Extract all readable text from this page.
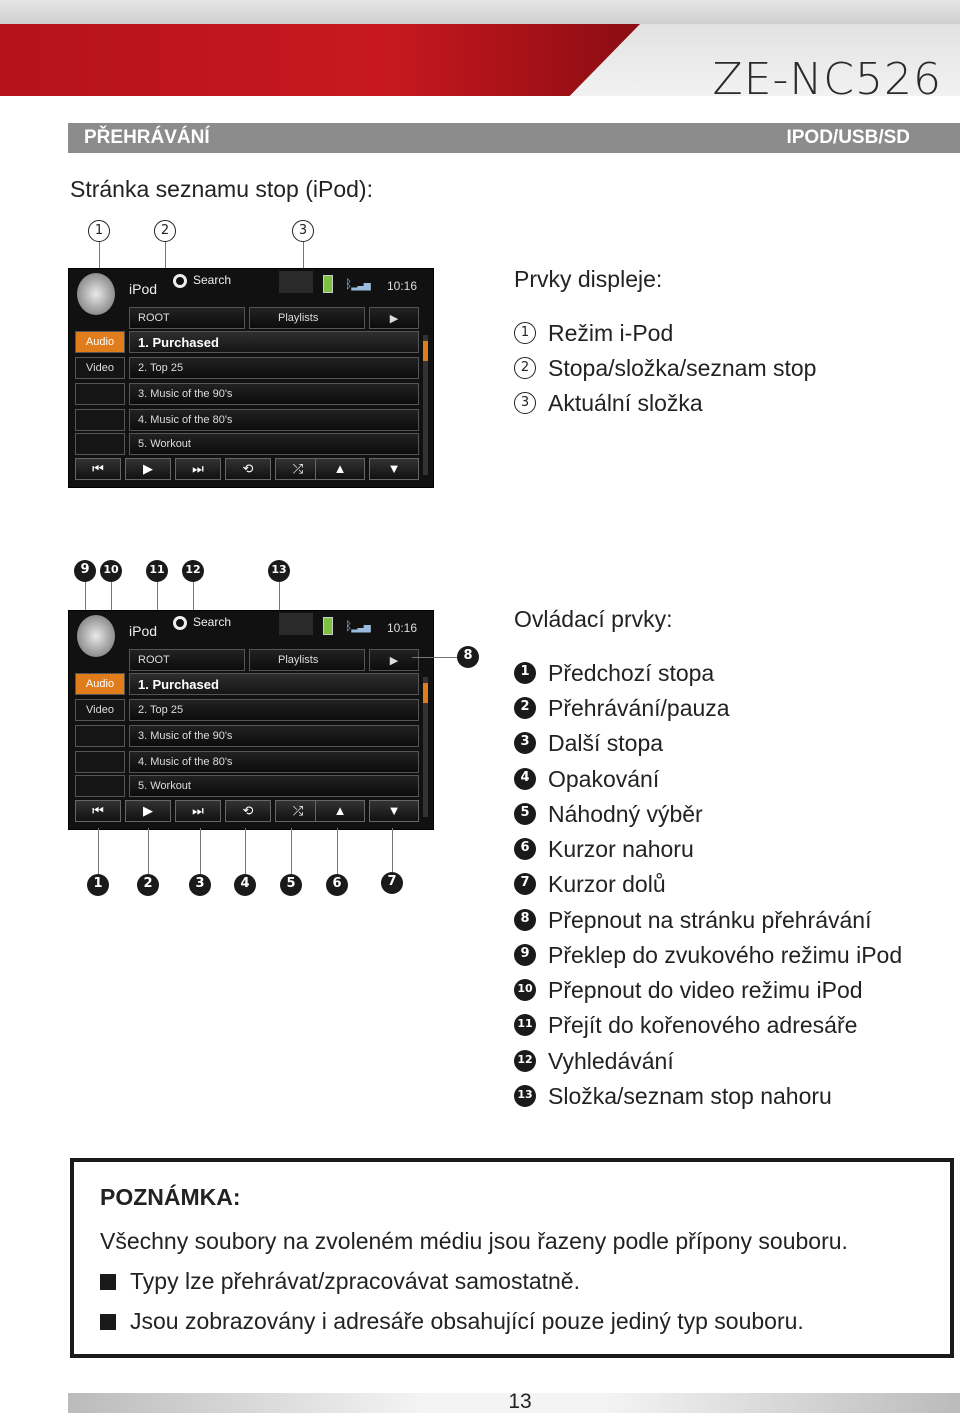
ZE-NC526
PŘEHRÁVÁNÍ	IPOD/USB/SD
Stránka seznamu stop (iPod):
1	2	3
iPod
Search	ᛒ▂▃▅ 10:16
ROOT	Playlists	▶
Audio
Video
1. Purchased
2. Top 25
3. Music of the 90's
4. Music of the 80's
5. Workout
⏮	▶	⏭	⟲	⤮	▲	▼
Prvky displeje:
1 Režim i-Pod
2 Stopa/složka/seznam stop
3 Aktuální složka
9	10	11	12	13
iPod
Search	ᛒ▂▃▅ 10:16
ROOT	Playlists	▶
Audio
Video
1. Purchased
2. Top 25
3. Music of the 90's
4. Music of the 80's
5. Workout
⏮	▶	⏭	⟲	⤮	▲	▼
8
1	2	3	4	5	6	7
Ovládací prvky:
1 Předchozí stopa
2 Přehrávání/pauza
3 Další stopa
4 Opakování
5 Náhodný výběr
6 Kurzor nahoru
7 Kurzor dolů
8 Přepnout na stránku přehrávání
9 Překlep do zvukového režimu iPod
10 Přepnout do video režimu iPod
11 Přejít do kořenového adresáře
12 Vyhledávání
13 Složka/seznam stop nahoru
POZNÁMKA:
Všechny soubory na zvoleném médiu jsou řazeny podle přípony souboru.
Typy lze přehrávat/zpracovávat samostatně.
Jsou zobrazovány i adresáře obsahující pouze jediný typ souboru.
13
